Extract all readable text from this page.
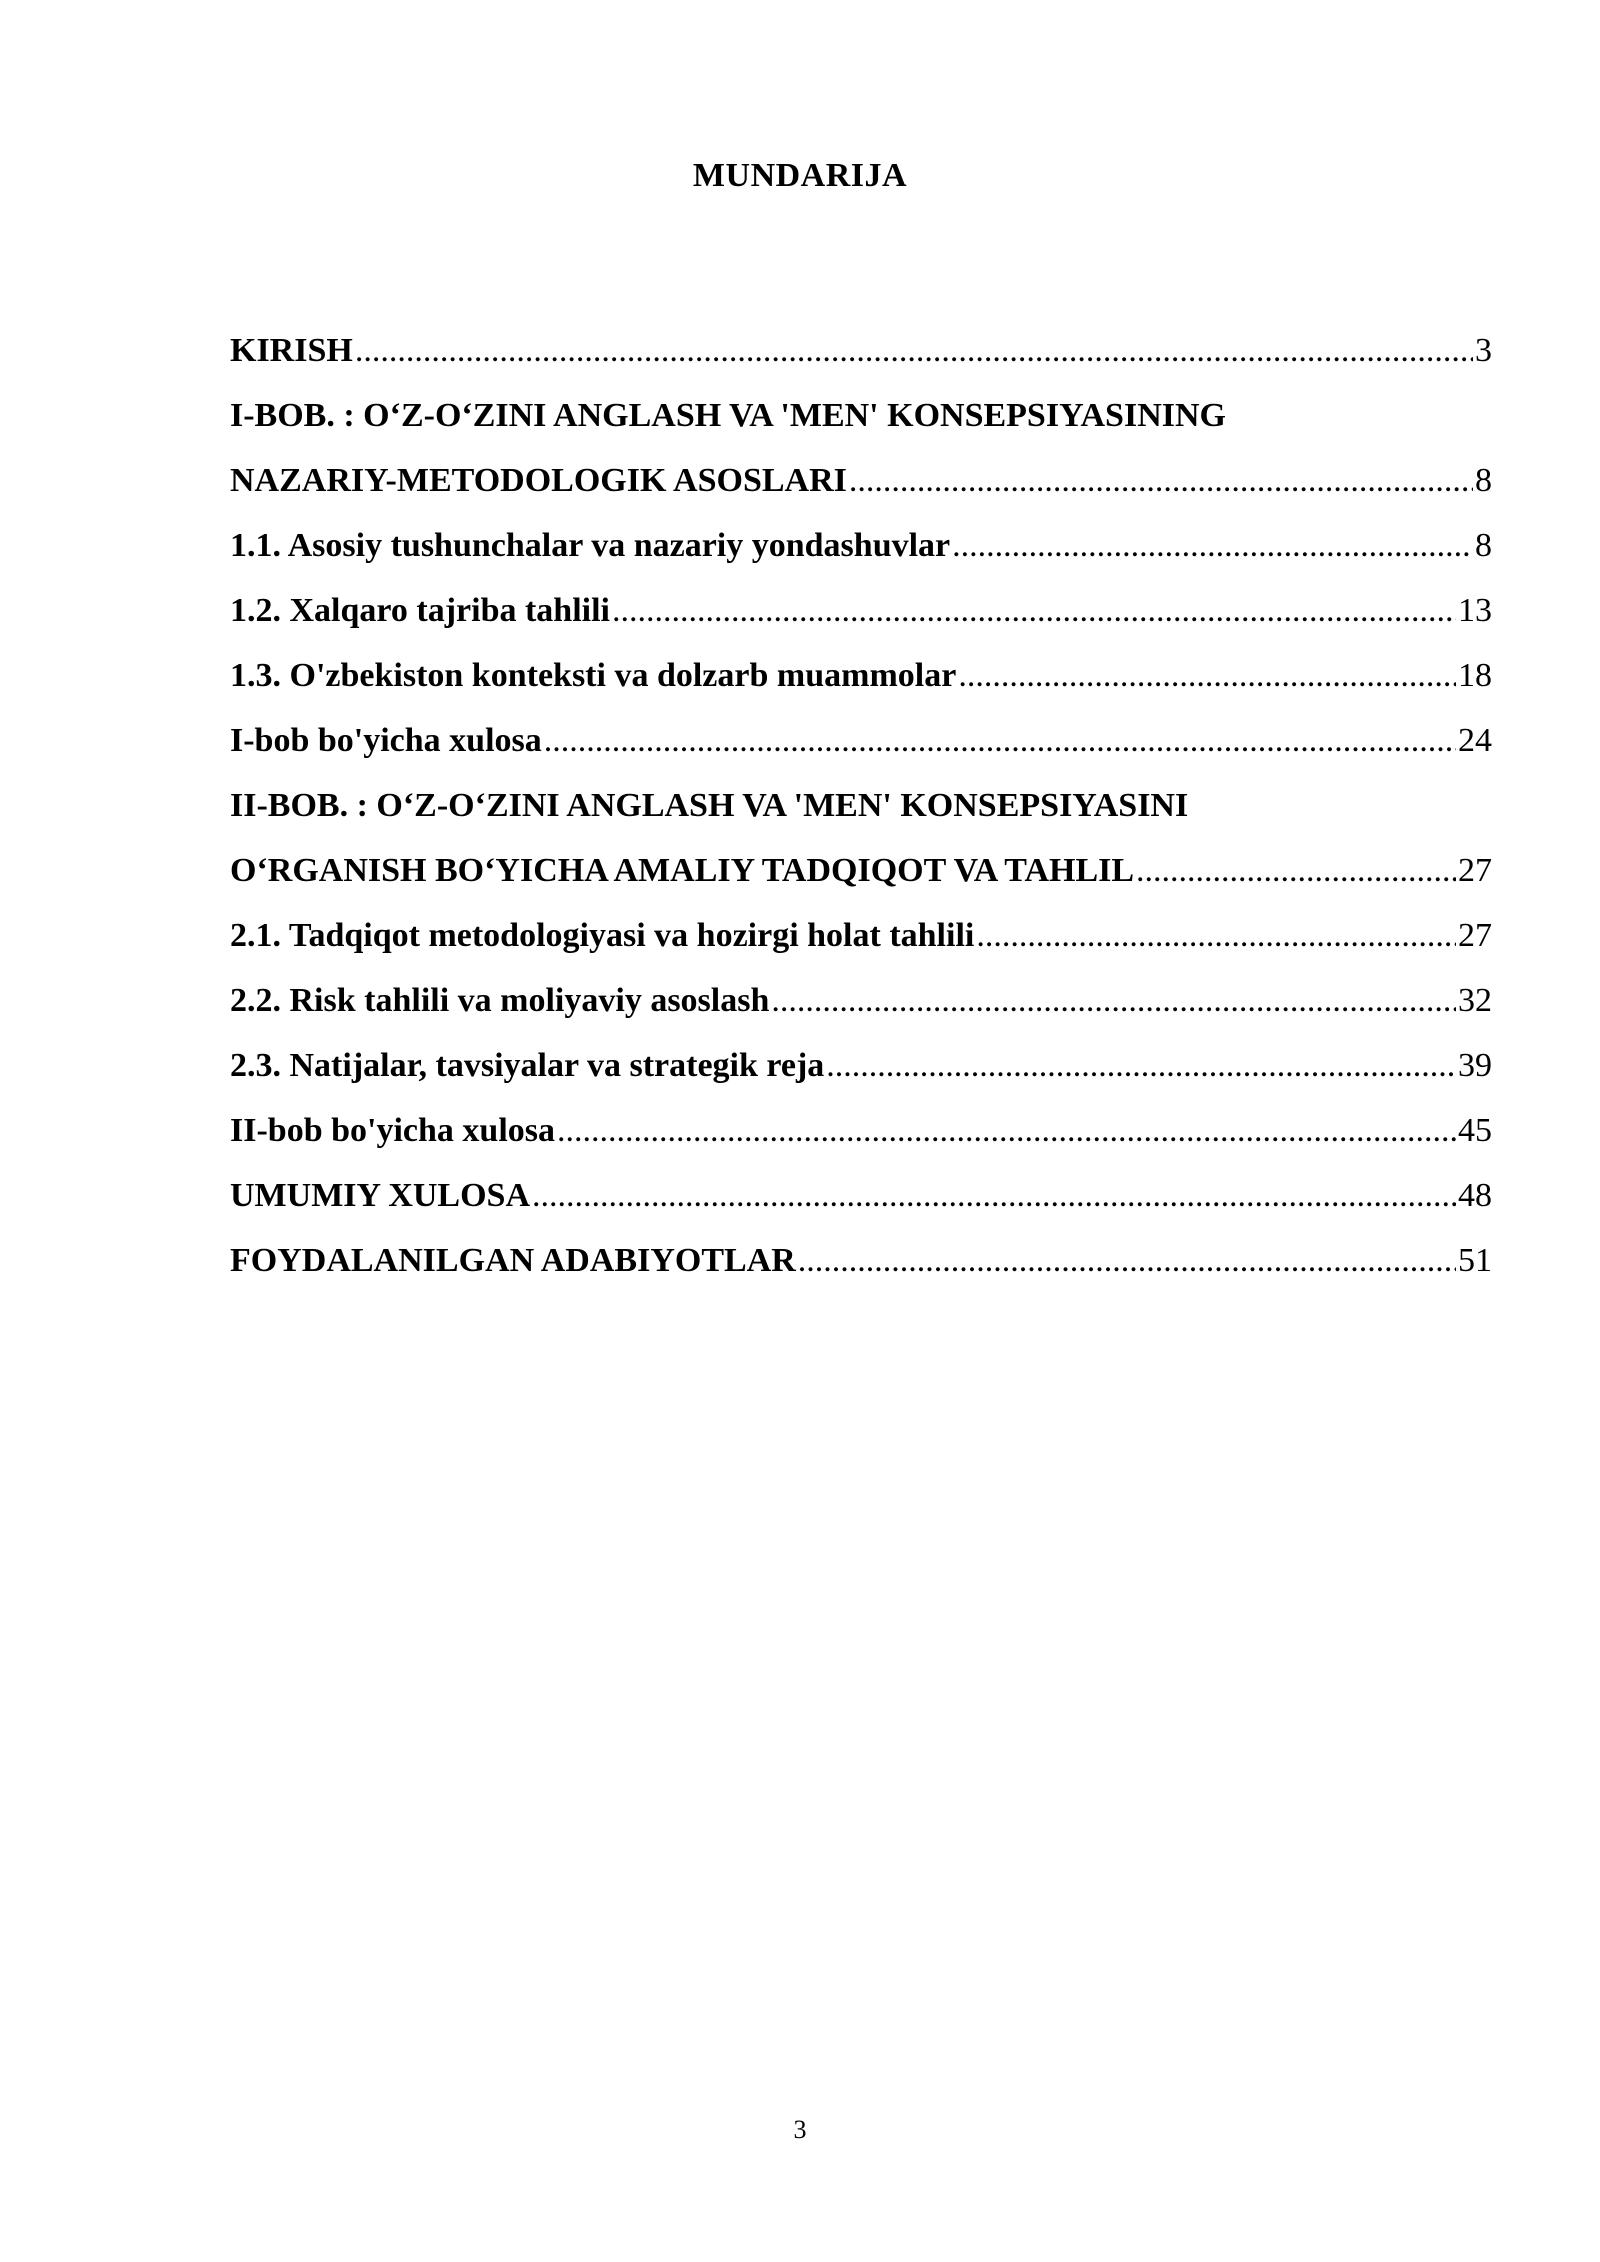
MUNDARIJA
KIRISH .....	3
I-BOB. : O‘Z-O‘ZINI ANGLASH VA 'MEN' KONSEPSIYASINING
NAZARIY-METODOLOGIK ASOSLARI .....	8
1.1. Asosiy tushunchalar va nazariy yondashuvlar .....	8
1.2. Xalqaro tajriba tahlili .....	13
1.3. O'zbekiston konteksti va dolzarb muammolar .....	18
I-bob bo'yicha xulosa .....	24
II-BOB. : O‘Z-O‘ZINI ANGLASH VA 'MEN' KONSEPSIYASINI
O‘RGANISH BO‘YICHA AMALIY TADQIQOT VA TAHLIL .....	27
2.1. Tadqiqot metodologiyasi va hozirgi holat tahlili .....	27
2.2. Risk tahlili va moliyaviy asoslash .....	32
2.3. Natijalar, tavsiyalar va strategik reja .....	39
II-bob bo'yicha xulosa .....	45
UMUMIY XULOSA .....	48
FOYDALANILGAN ADABIYOTLAR .....	51
3
